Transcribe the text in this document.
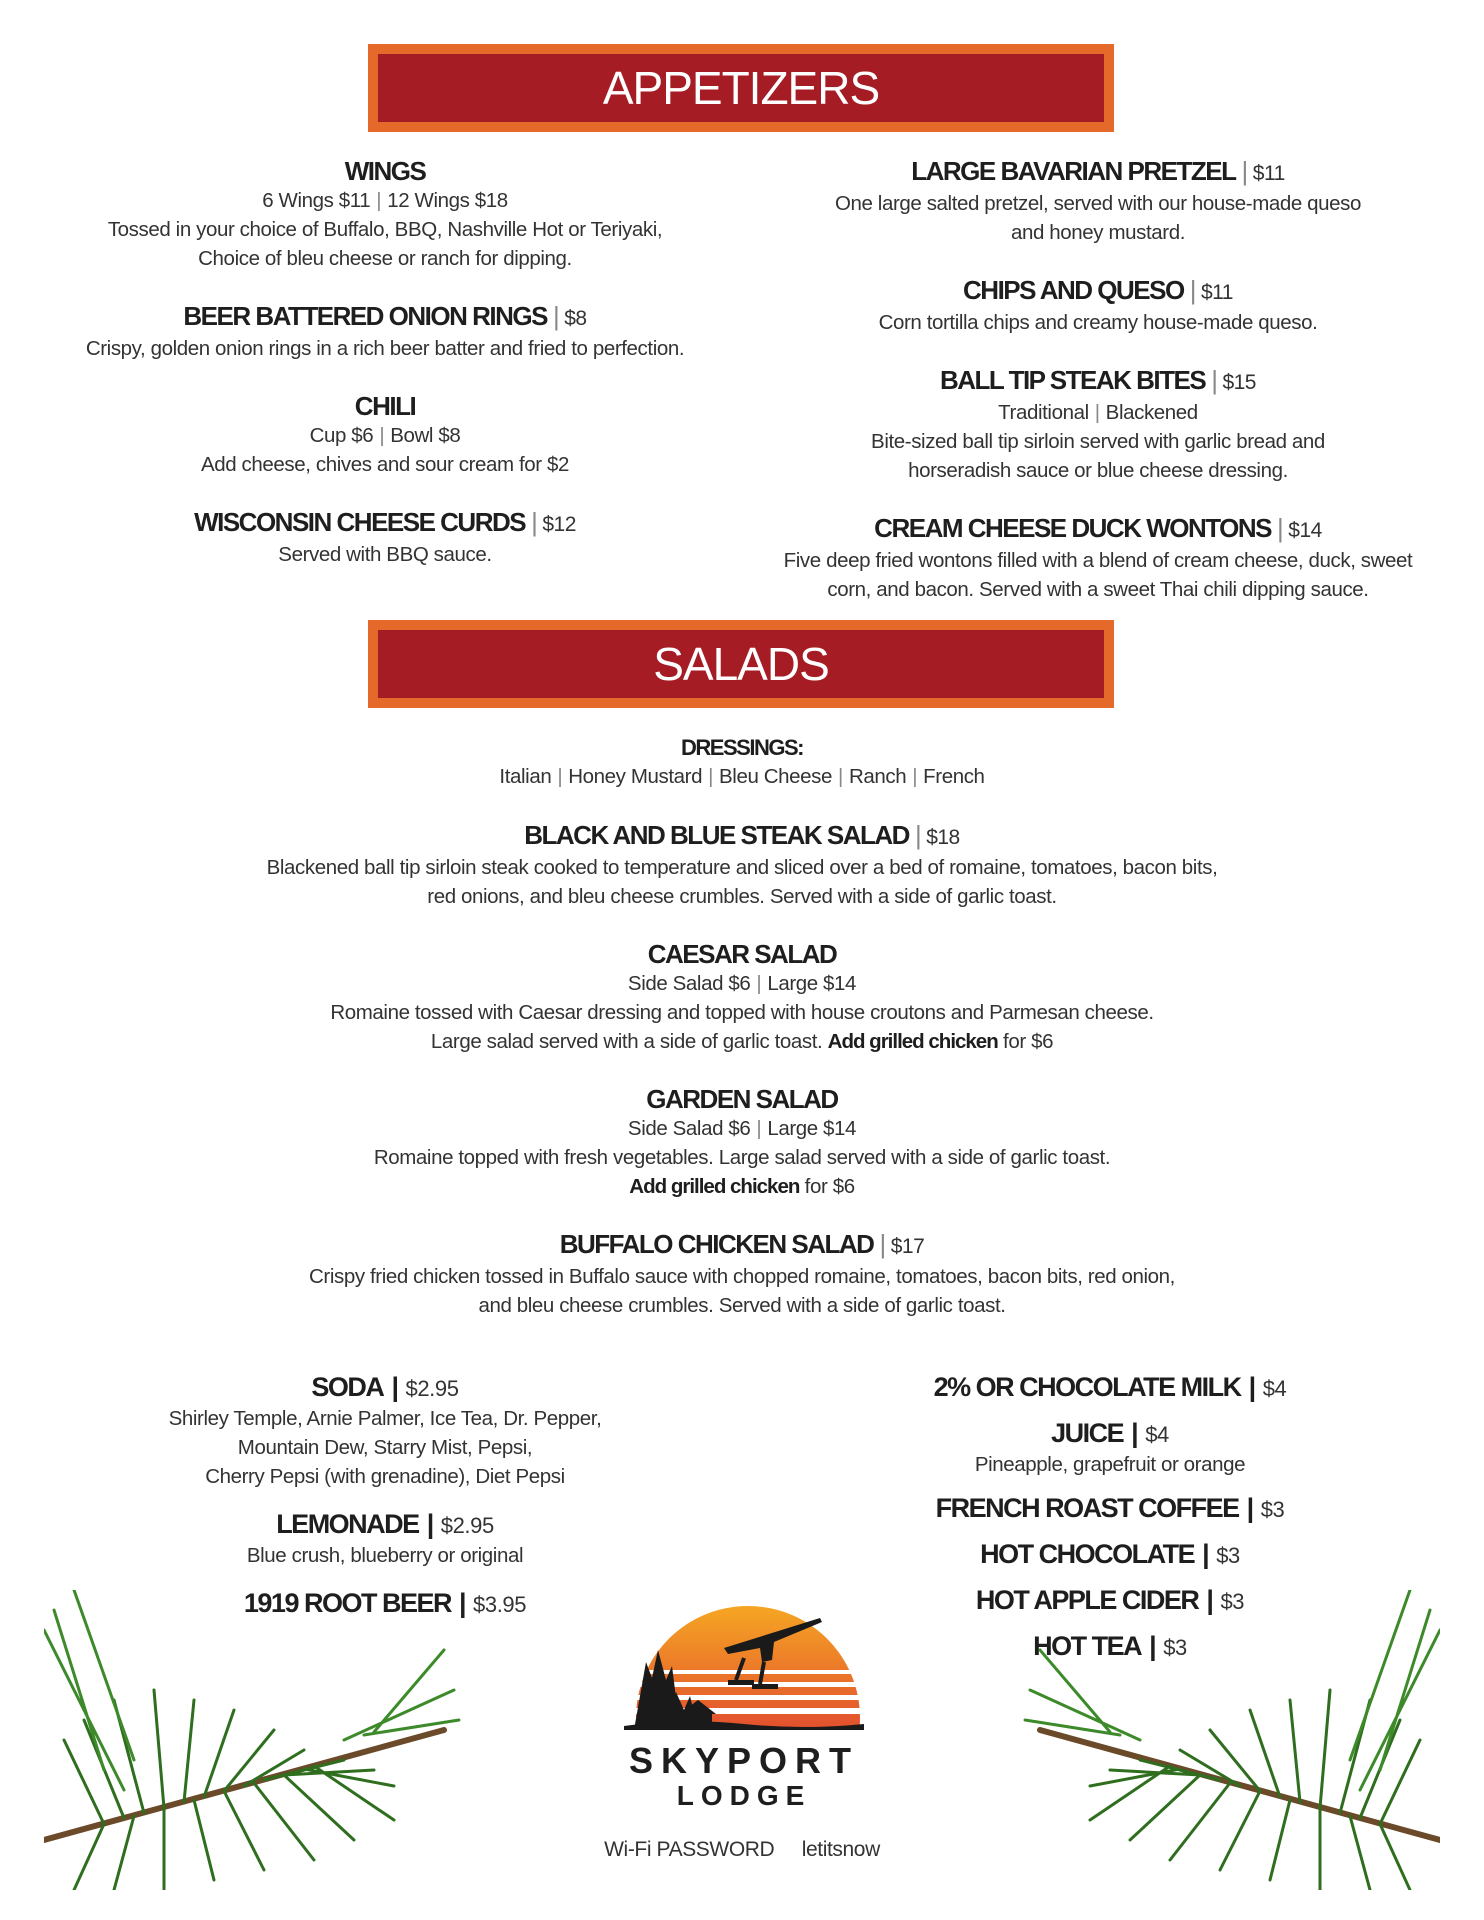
APPETIZERS
WINGS
6 Wings $11 | 12 Wings $18
Tossed in your choice of Buffalo, BBQ, Nashville Hot or Teriyaki,
Choice of bleu cheese or ranch for dipping.
BEER BATTERED ONION RINGS | $8
Crispy, golden onion rings in a rich beer batter and fried to perfection.
CHILI
Cup $6 | Bowl $8
Add cheese, chives and sour cream for $2
WISCONSIN CHEESE CURDS | $12
Served with BBQ sauce.
LARGE BAVARIAN PRETZEL | $11
One large salted pretzel, served with our house-made queso
and honey mustard.
CHIPS AND QUESO | $11
Corn tortilla chips and creamy house-made queso.
BALL TIP STEAK BITES | $15
Traditional | Blackened
Bite-sized ball tip sirloin served with garlic bread and
horseradish sauce or blue cheese dressing.
CREAM CHEESE DUCK WONTONS | $14
Five deep fried wontons filled with a blend of cream cheese, duck, sweet
corn, and bacon. Served with a sweet Thai chili dipping sauce.
SALADS
DRESSINGS:
Italian | Honey Mustard | Bleu Cheese | Ranch | French
BLACK AND BLUE STEAK SALAD | $18
Blackened ball tip sirloin steak cooked to temperature and sliced over a bed of romaine, tomatoes, bacon bits,
red onions, and bleu cheese crumbles. Served with a side of garlic toast.
CAESAR SALAD
Side Salad $6 | Large $14
Romaine tossed with Caesar dressing and topped with house croutons and Parmesan cheese.
Large salad served with a side of garlic toast. Add grilled chicken for $6
GARDEN SALAD
Side Salad $6 | Large $14
Romaine topped with fresh vegetables. Large salad served with a side of garlic toast.
Add grilled chicken for $6
BUFFALO CHICKEN SALAD | $17
Crispy fried chicken tossed in Buffalo sauce with chopped romaine, tomatoes, bacon bits, red onion,
and bleu cheese crumbles. Served with a side of garlic toast.
SODA | $2.95
Shirley Temple, Arnie Palmer, Ice Tea, Dr. Pepper,
Mountain Dew, Starry Mist, Pepsi,
Cherry Pepsi (with grenadine), Diet Pepsi
LEMONADE | $2.95
Blue crush, blueberry or original
1919 ROOT BEER | $3.95
2% OR CHOCOLATE MILK | $4
JUICE | $4
Pineapple, grapefruit or orange
FRENCH ROAST COFFEE | $3
HOT CHOCOLATE | $3
HOT APPLE CIDER | $3
HOT TEA | $3
SKYPORT
LODGE
Wi-Fi PASSWORD letitsnow
